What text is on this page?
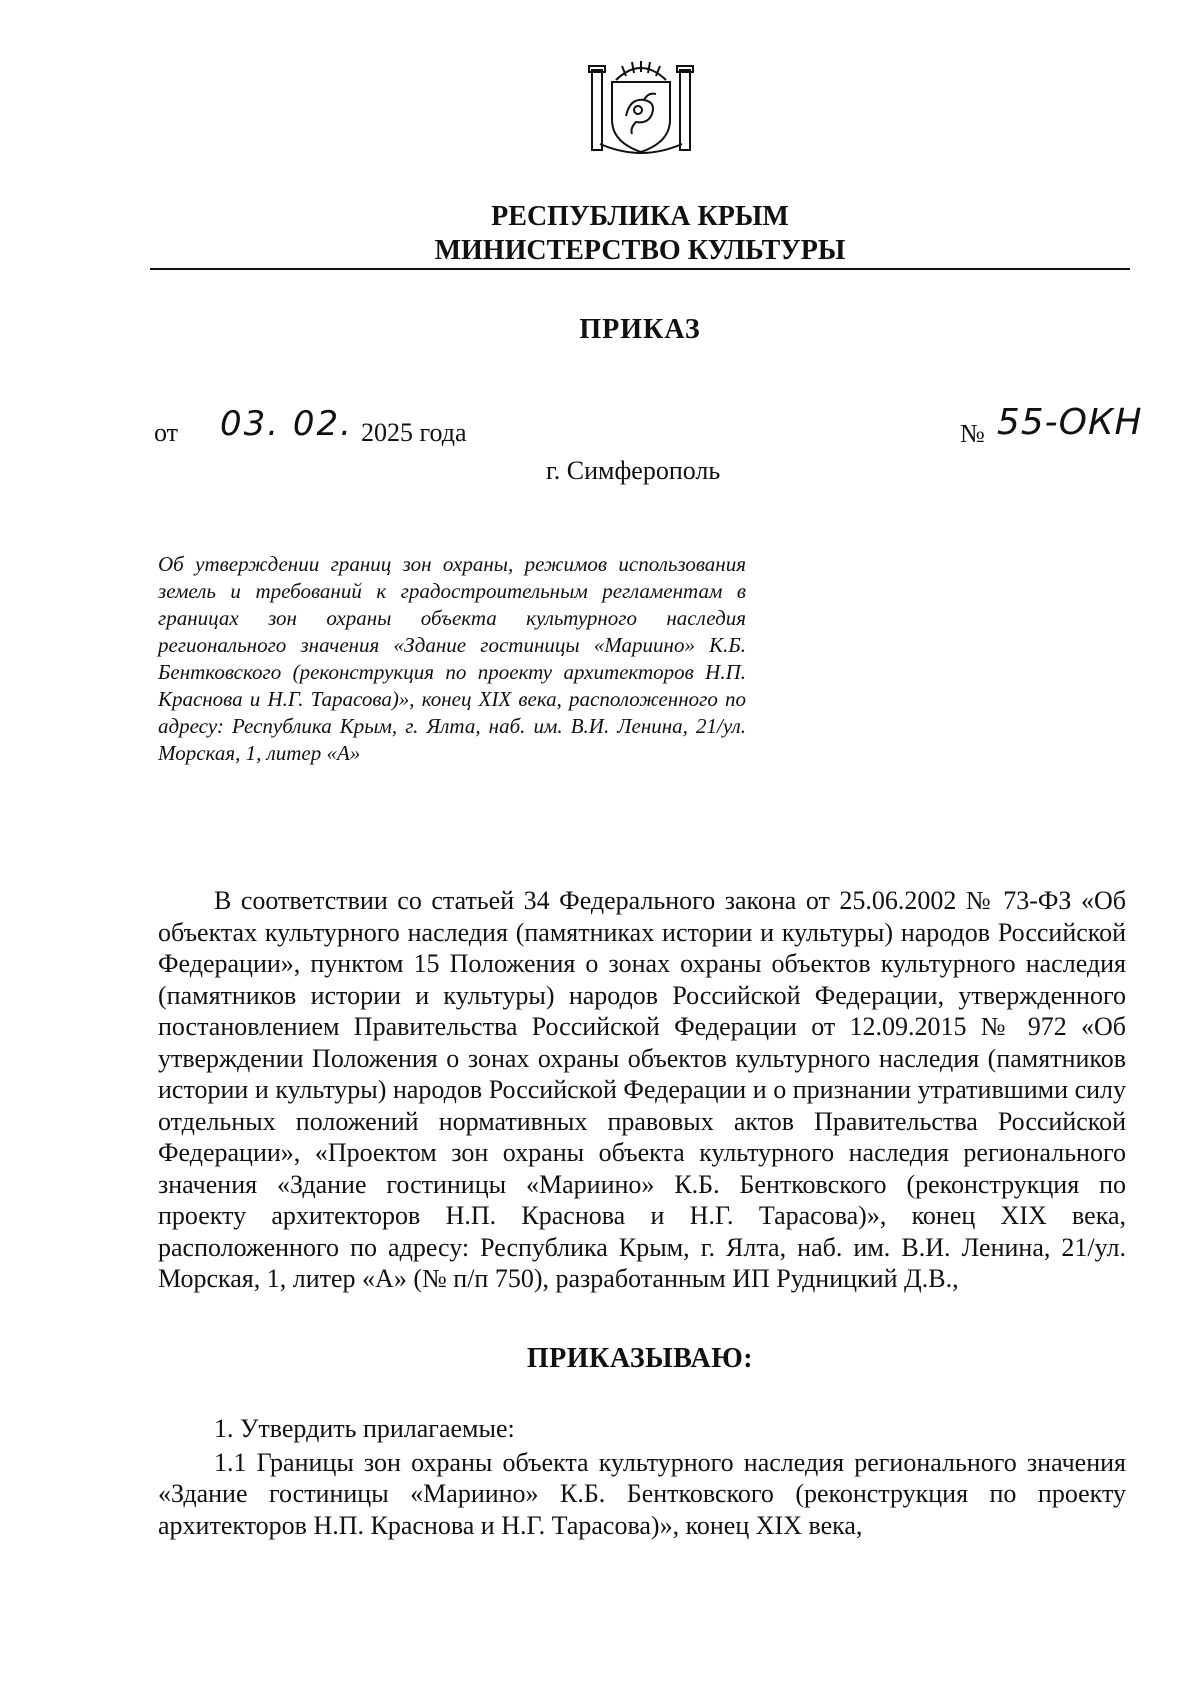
РЕСПУБЛИКА КРЫМ
МИНИСТЕРСТВО КУЛЬТУРЫ
ПРИКАЗ
от 03. 02. 2025 года	№ 55-ОКН
г. Симферополь
Об утверждении границ зон охраны, режимов использования земель и требований к градостроительным регламентам в границах зон охраны объекта культурного наследия регионального значения «Здание гостиницы «Мариино» К.Б. Бентковского (реконструкция по проекту архитекторов Н.П. Краснова и Н.Г. Тарасова)», конец XIX века, расположенного по адресу: Республика Крым, г. Ялта, наб. им. В.И. Ленина, 21/ул. Морская, 1, литер «А»

В соответствии со статьей 34 Федерального закона от 25.06.2002 № 73-ФЗ «Об объектах культурного наследия (памятниках истории и культуры) народов Российской Федерации», пунктом 15 Положения о зонах охраны объектов культурного наследия (памятников истории и культуры) народов Российской Федерации, утвержденного постановлением Правительства Российской Федерации от 12.09.2015 № 972 «Об утверждении Положения о зонах охраны объектов культурного наследия (памятников истории и культуры) народов Российской Федерации и о признании утратившими силу отдельных положений нормативных правовых актов Правительства Российской Федерации», «Проектом зон охраны объекта культурного наследия регионального значения «Здание гостиницы «Мариино» К.Б. Бентковского (реконструкция по проекту архитекторов Н.П. Краснова и Н.Г. Тарасова)», конец XIX века, расположенного по адресу: Республика Крым, г. Ялта, наб. им. В.И. Ленина, 21/ул. Морская, 1, литер «А» (№ п/п 750), разработанным ИП Рудницкий Д.В.,

ПРИКАЗЫВАЮ:

1. Утвердить прилагаемые:

1.1 Границы зон охраны объекта культурного наследия регионального значения «Здание гостиницы «Мариино» К.Б. Бентковского (реконструкция по проекту архитекторов Н.П. Краснова и Н.Г. Тарасова)», конец XIX века,
